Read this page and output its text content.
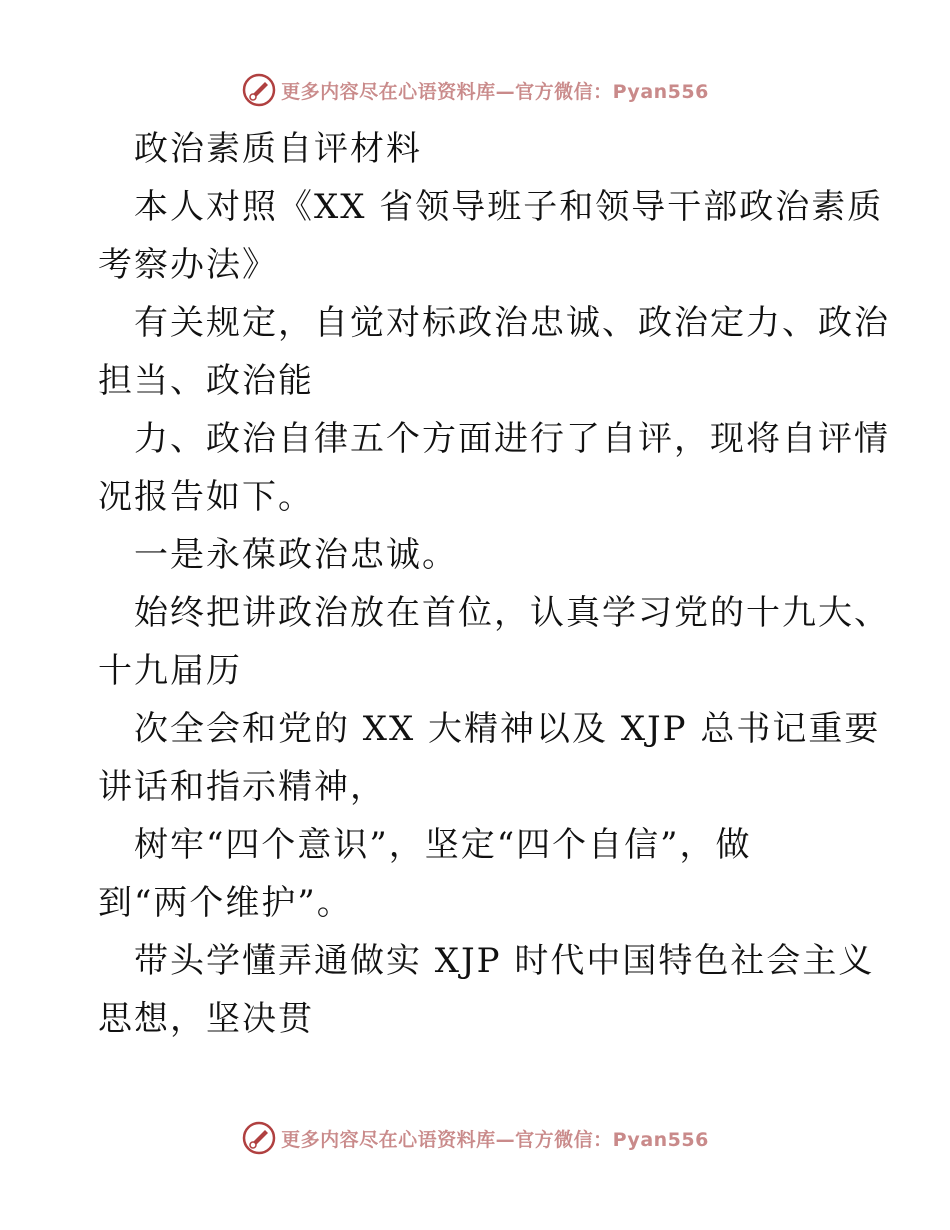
更多内容尽在心语资料库—官方微信：Pyan556
政治素质自评材料
本人对照《XX 省领导班子和领导干部政治素质
考察办法》
有关规定，自觉对标政治忠诚、政治定力、政治
担当、政治能
力、政治自律五个方面进行了自评，现将自评情
况报告如下。
一是永葆政治忠诚。
始终把讲政治放在首位，认真学习党的十九大、
十九届历
次全会和党的 XX 大精神以及 XJP 总书记重要
讲话和指示精神，
树牢“四个意识”，坚定“四个自信”，做
到“两个维护”。
带头学懂弄通做实 XJP 时代中国特色社会主义
思想，坚决贯
更多内容尽在心语资料库—官方微信：Pyan556
